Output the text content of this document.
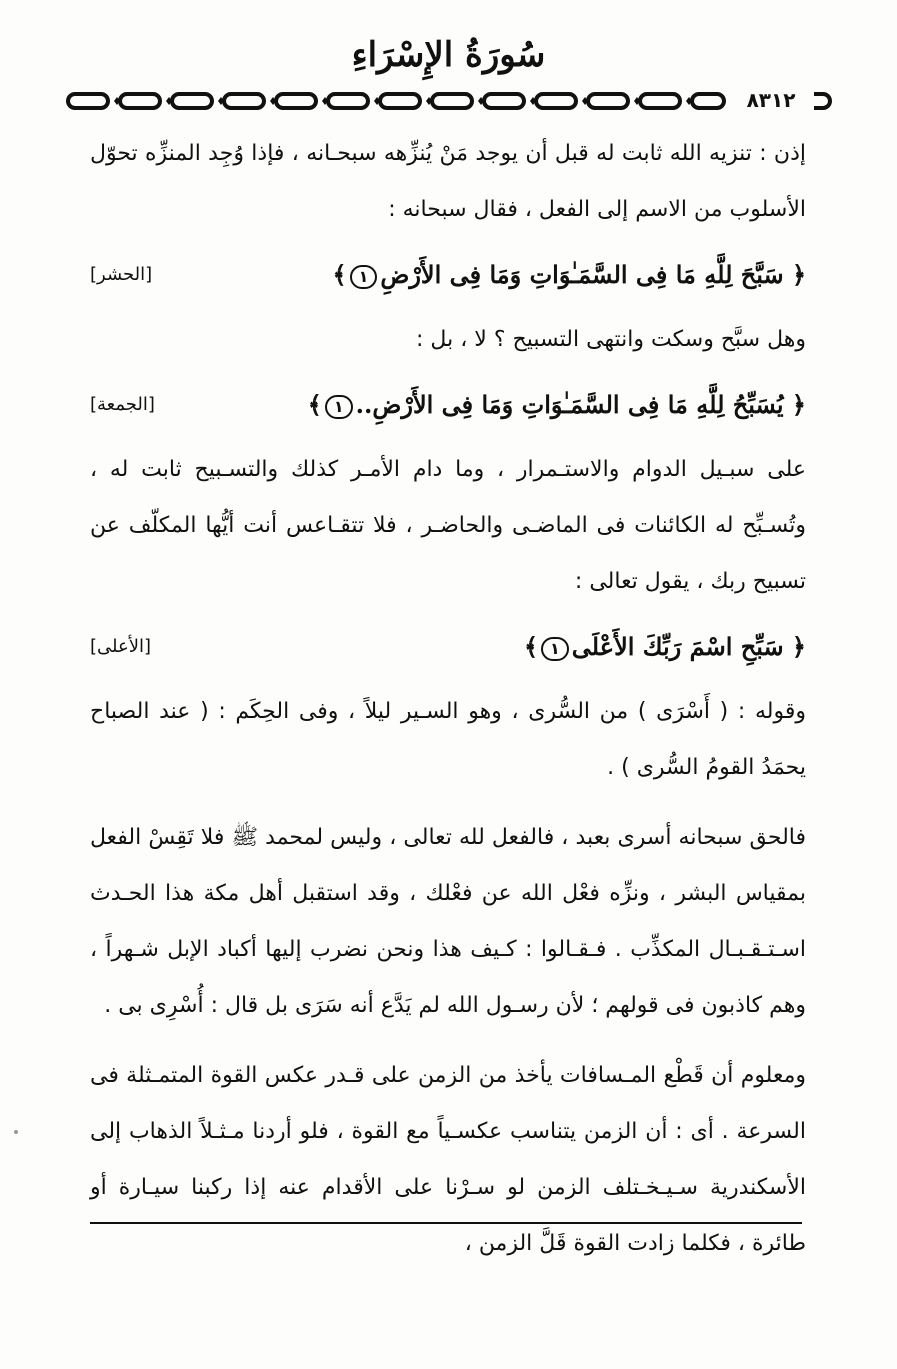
سُورَةُ الإِسْرَاءِ
٨٣١٢

إذن : تنزيه الله ثابت له قبل أن يوجد مَنْ يُنزِّهه سبحـانه ، فإذا وُجِد المنزِّه تحوّل الأسلوب من الاسم إلى الفعل ، فقال سبحانه :

﴿ سَبَّحَ لِلَّهِ مَا فِى السَّمَـٰوَاتِ وَمَا فِى الأَرْضِ١﴾
[الحشر]

وهل سبَّح وسكت وانتهى التسبيح ؟ لا ، بل :

﴿ يُسَبِّحُ لِلَّهِ مَا فِى السَّمَـٰوَاتِ وَمَا فِى الأَرْضِ..١﴾
[الجمعة]

على سبـيل الدوام والاستـمرار ، وما دام الأمـر كذلك والتسـبيح ثابت له ، وتُسـبِّح له الكائنات فى الماضـى والحاضـر ، فلا تتقـاعس أنت أيُّها المكلّف عن تسبيح ربك ، يقول تعالى :

﴿ سَبِّحِ اسْمَ رَبِّكَ الأَعْلَى١﴾
[الأعلى]

وقوله : ( أَسْرَى ) من السُّرى ، وهو السـير ليلاً ، وفى الحِكَم : ( عند الصباح يحمَدُ القومُ السُّرى ) .

فالحق سبحانه أسرى بعبد ، فالفعل لله تعالى ، وليس لمحمد ﷺ فلا تَقِسْ الفعل بمقياس البشر ، ونزِّه فعْل الله عن فعْلك ، وقد استقبل أهل مكة هذا الحـدث اسـتـقـبـال المكذِّب . فـقـالوا : كـيف هذا ونحن نضرب إليها أكباد الإبل شـهراً ، وهم كاذبون فى قولهم ؛ لأن رسـول الله لم يَدَّع أنه سَرَى بل قال : أُسْرِى بى .

ومعلوم أن قَطْع المـسافات يأخذ من الزمن على قـدر عكس القوة المتمـثلة فى السرعة . أى : أن الزمن يتناسب عكسـياً مع القوة ، فلو أردنا مـثـلاً الذهاب إلى الأسكندرية سـيـخـتلف الزمن لو سـرْنا على الأقدام عنه إذا ركبنا سيـارة أو طائرة ، فكلما زادت القوة قَلَّ الزمن ،
